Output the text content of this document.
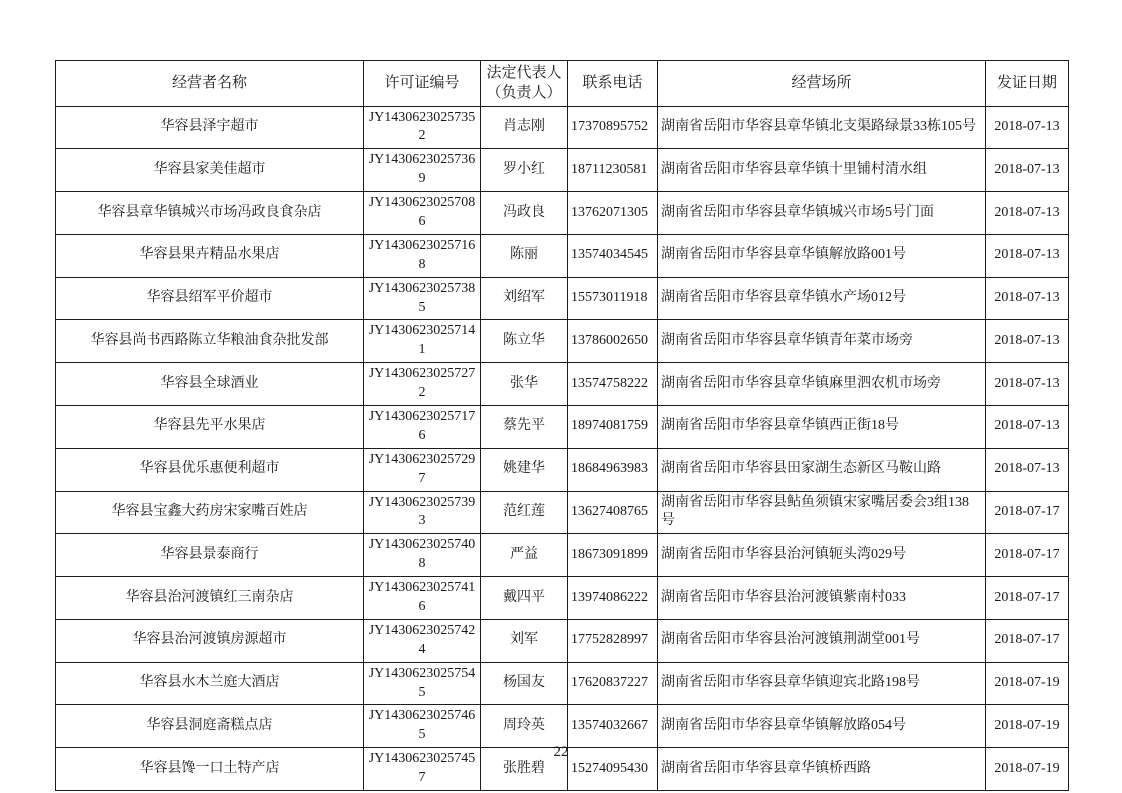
经营者名称	许可证编号	法定代表人（负责人）	联系电话	经营场所	发证日期
华容县泽宇超市	JY14306230257352	肖志刚	17370895752	湖南省岳阳市华容县章华镇北支渠路绿景33栋105号	2018-07-13
华容县家美佳超市	JY14306230257369	罗小红	18711230581	湖南省岳阳市华容县章华镇十里铺村清水组	2018-07-13
华容县章华镇城兴市场冯政良食杂店	JY14306230257086	冯政良	13762071305	湖南省岳阳市华容县章华镇城兴市场5号门面	2018-07-13
华容县果卉精品水果店	JY14306230257168	陈丽	13574034545	湖南省岳阳市华容县章华镇解放路001号	2018-07-13
华容县绍军平价超市	JY14306230257385	刘绍军	15573011918	湖南省岳阳市华容县章华镇水产场012号	2018-07-13
华容县尚书西路陈立华粮油食杂批发部	JY14306230257141	陈立华	13786002650	湖南省岳阳市华容县章华镇青年菜市场旁	2018-07-13
华容县全球酒业	JY14306230257272	张华	13574758222	湖南省岳阳市华容县章华镇麻里泗农机市场旁	2018-07-13
华容县先平水果店	JY14306230257176	蔡先平	18974081759	湖南省岳阳市华容县章华镇西正街18号	2018-07-13
华容县优乐惠便利超市	JY14306230257297	姚建华	18684963983	湖南省岳阳市华容县田家湖生态新区马鞍山路	2018-07-13
华容县宝鑫大药房宋家嘴百姓店	JY14306230257393	范红莲	13627408765	湖南省岳阳市华容县鲇鱼须镇宋家嘴居委会3组138号	2018-07-17
华容县景泰商行	JY14306230257408	严益	18673091899	湖南省岳阳市华容县治河镇轭头湾029号	2018-07-17
华容县治河渡镇红三南杂店	JY14306230257416	戴四平	13974086222	湖南省岳阳市华容县治河渡镇紫南村033	2018-07-17
华容县治河渡镇房源超市	JY14306230257424	刘军	17752828997	湖南省岳阳市华容县治河渡镇荆湖堂001号	2018-07-17
华容县水木兰庭大酒店	JY14306230257545	杨国友	17620837227	湖南省岳阳市华容县章华镇迎宾北路198号	2018-07-19
华容县洞庭斋糕点店	JY14306230257465	周玲英	13574032667	湖南省岳阳市华容县章华镇解放路054号	2018-07-19
华容县馋一口土特产店	JY14306230257457	张胜碧	15274095430	湖南省岳阳市华容县章华镇桥西路	2018-07-19
22
